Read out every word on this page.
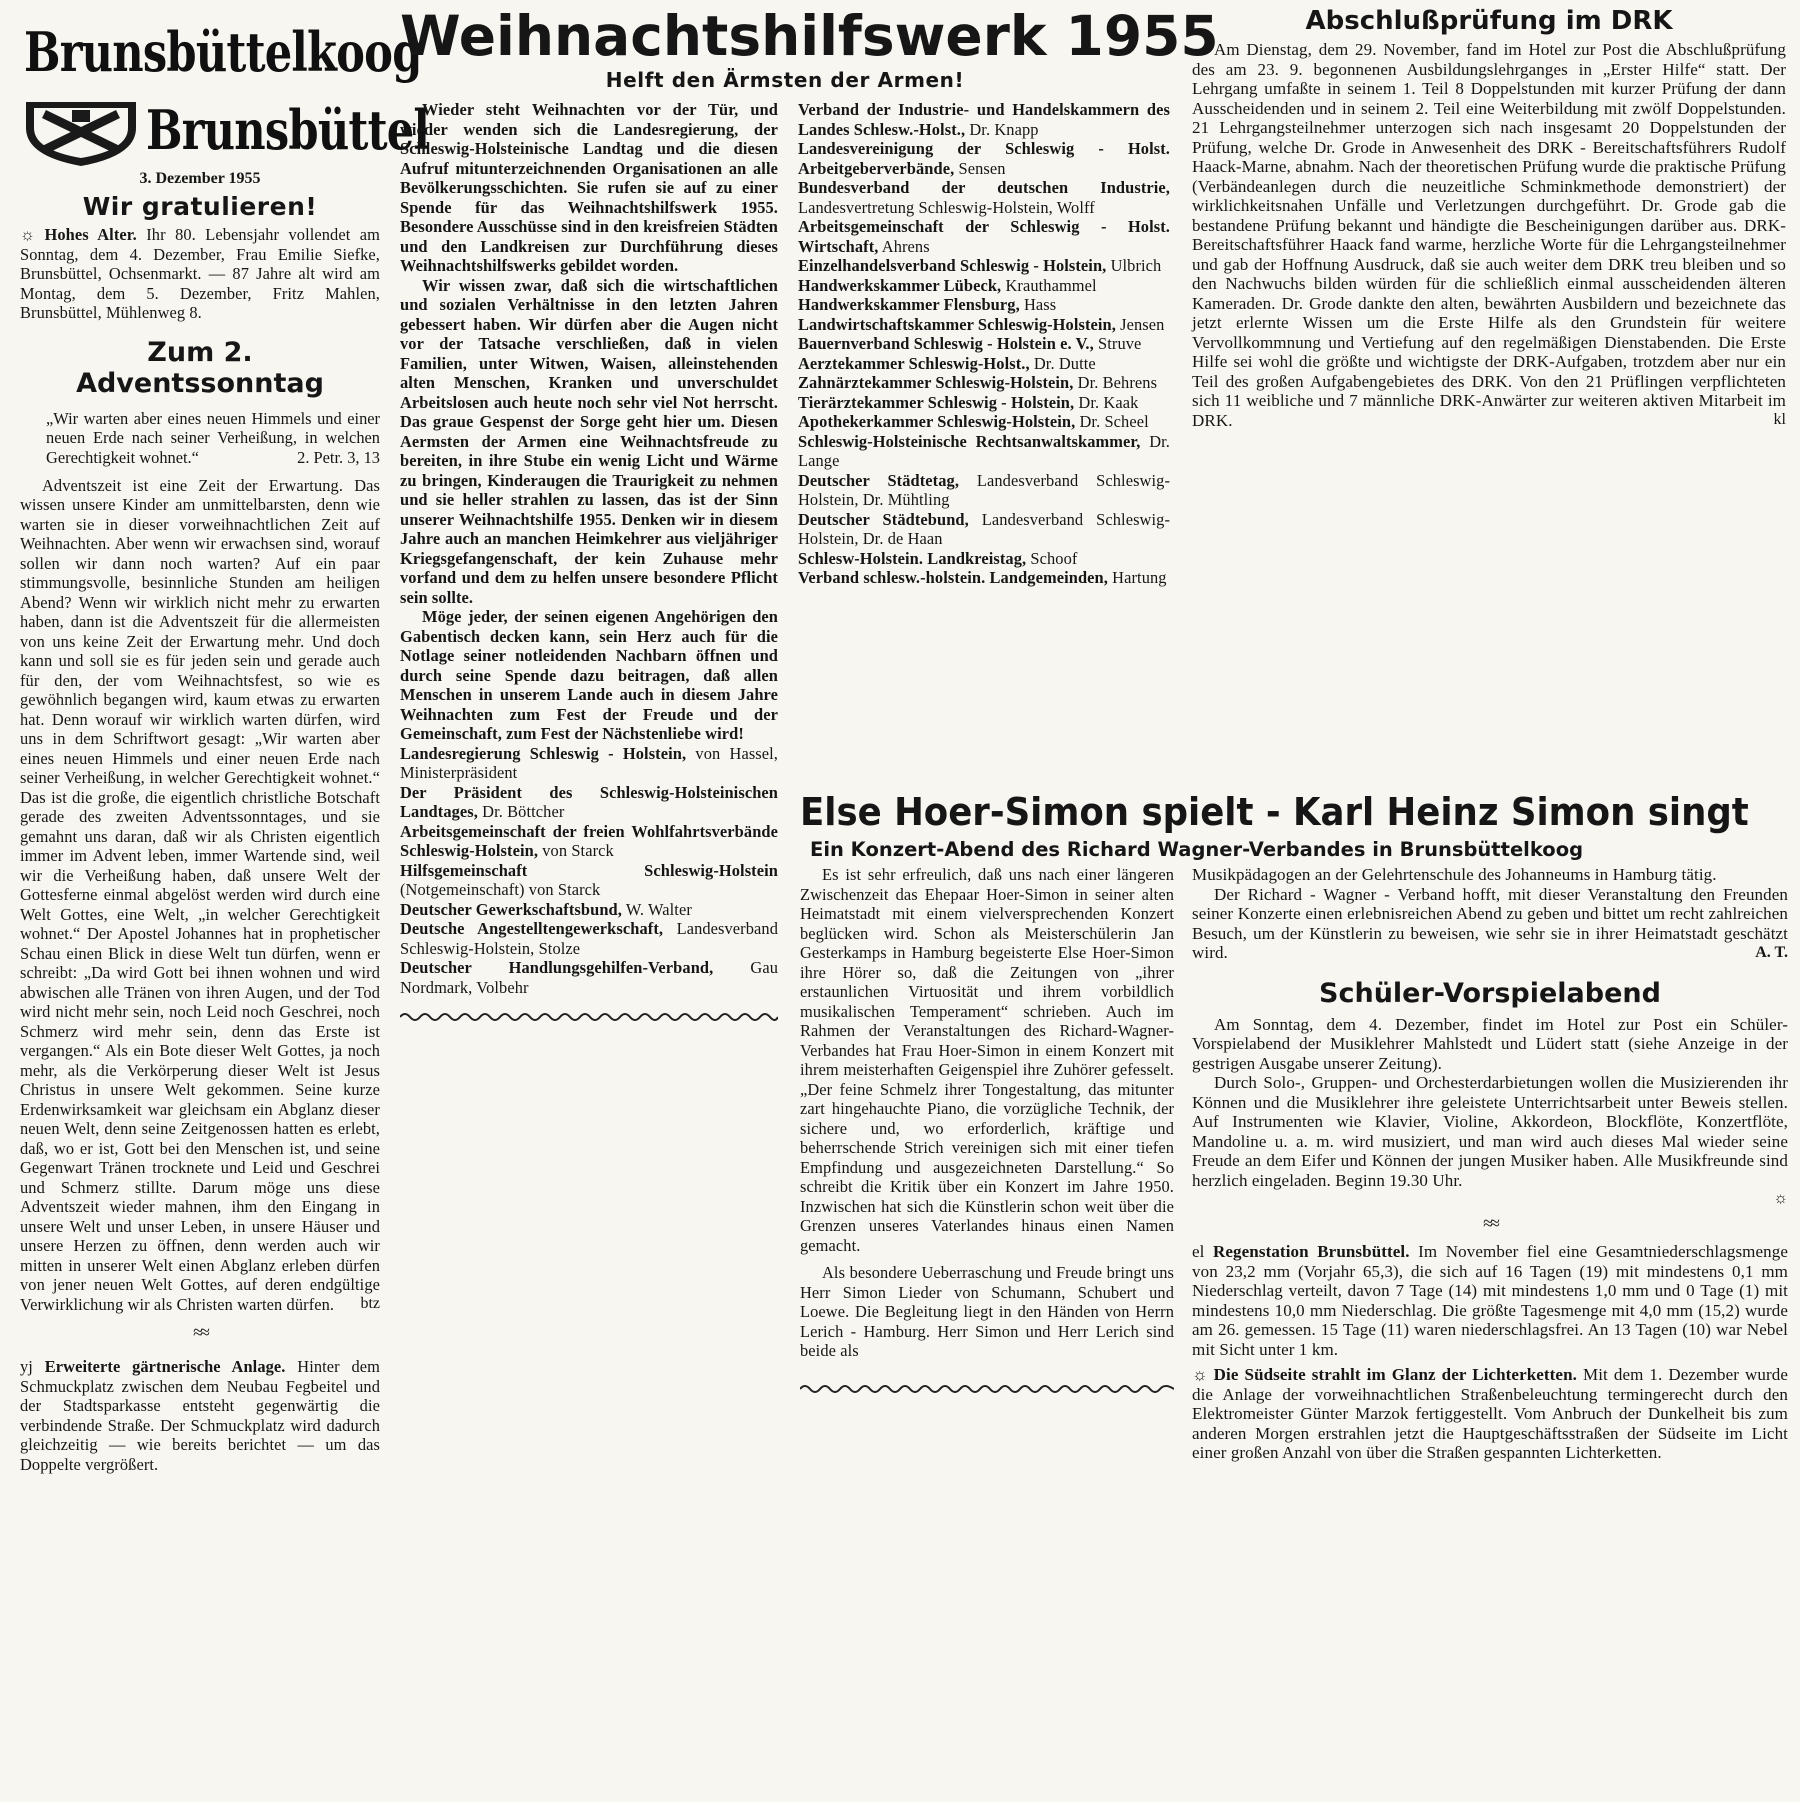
Brunsbüttelkoog
Brunsbüttel
3. Dezember 1955
Wir gratulieren!

☼ Hohes Alter. Ihr 80. Lebensjahr vollendet am Sonntag, dem 4. Dezember, Frau Emilie Siefke, Brunsbüttel, Ochsenmarkt. — 87 Jahre alt wird am Montag, dem 5. Dezember, Fritz Mahlen, Brunsbüttel, Mühlenweg 8.

Zum 2. Adventssonntag
„Wir warten aber eines neuen Himmels und einer neuen Erde nach seiner Verheißung, in welchen Gerechtigkeit wohnet.“	2. Petr. 3, 13

Adventszeit ist eine Zeit der Erwartung. Das wissen unsere Kinder am unmittelbarsten, denn wie warten sie in dieser vorweihnachtlichen Zeit auf Weihnachten. Aber wenn wir erwachsen sind, worauf sollen wir dann noch warten? Auf ein paar stimmungsvolle, besinnliche Stunden am heiligen Abend? Wenn wir wirklich nicht mehr zu erwarten haben, dann ist die Adventszeit für die allermeisten von uns keine Zeit der Erwartung mehr. Und doch kann und soll sie es für jeden sein und gerade auch für den, der vom Weihnachtsfest, so wie es gewöhnlich begangen wird, kaum etwas zu erwarten hat. Denn worauf wir wirklich warten dürfen, wird uns in dem Schriftwort gesagt: „Wir warten aber eines neuen Himmels und einer neuen Erde nach seiner Verheißung, in welcher Gerechtigkeit wohnet.“ Das ist die große, die eigentlich christliche Botschaft gerade des zweiten Adventssonntages, und sie gemahnt uns daran, daß wir als Christen eigentlich immer im Advent leben, immer Wartende sind, weil wir die Verheißung haben, daß unsere Welt der Gottesferne einmal abgelöst werden wird durch eine Welt Gottes, eine Welt, „in welcher Gerechtigkeit wohnet.“ Der Apostel Johannes hat in prophetischer Schau einen Blick in diese Welt tun dürfen, wenn er schreibt: „Da wird Gott bei ihnen wohnen und wird abwischen alle Tränen von ihren Augen, und der Tod wird nicht mehr sein, noch Leid noch Geschrei, noch Schmerz wird mehr sein, denn das Erste ist vergangen.“ Als ein Bote dieser Welt Gottes, ja noch mehr, als die Verkörperung dieser Welt ist Jesus Christus in unsere Welt gekommen. Seine kurze Erdenwirksamkeit war gleichsam ein Abglanz dieser neuen Welt, denn seine Zeitgenossen hatten es erlebt, daß, wo er ist, Gott bei den Menschen ist, und seine Gegenwart Tränen trocknete und Leid und Geschrei und Schmerz stillte. Darum möge uns diese Adventszeit wieder mahnen, ihm den Eingang in unsere Welt und unser Leben, in unsere Häuser und unsere Herzen zu öffnen, denn werden auch wir mitten in unserer Welt einen Abglanz erleben dürfen von jener neuen Welt Gottes, auf deren endgültige Verwirklichung wir als Christen warten dürfen.	btz
≈≈

yj Erweiterte gärtnerische Anlage. Hinter dem Schmuckplatz zwischen dem Neubau Fegbeitel und der Stadtsparkasse entsteht gegenwärtig die verbindende Straße. Der Schmuckplatz wird dadurch gleichzeitig — wie bereits berichtet — um das Doppelte vergrößert.

Weihnachtshilfswerk 1955
Helft den Ärmsten der Armen!

Wieder steht Weihnachten vor der Tür, und wieder wenden sich die Landesregierung, der Schleswig-Holsteinische Landtag und die diesen Aufruf mitunterzeichnenden Organisationen an alle Bevölkerungsschichten. Sie rufen sie auf zu einer Spende für das Weihnachtshilfswerk 1955. Besondere Ausschüsse sind in den kreisfreien Städten und den Landkreisen zur Durchführung dieses Weihnachtshilfswerks gebildet worden.

Wir wissen zwar, daß sich die wirtschaftlichen und sozialen Verhältnisse in den letzten Jahren gebessert haben. Wir dürfen aber die Augen nicht vor der Tatsache verschließen, daß in vielen Familien, unter Witwen, Waisen, alleinstehenden alten Menschen, Kranken und unverschuldet Arbeitslosen auch heute noch sehr viel Not herrscht. Das graue Gespenst der Sorge geht hier um. Diesen Aermsten der Armen eine Weihnachtsfreude zu bereiten, in ihre Stube ein wenig Licht und Wärme zu bringen, Kinderaugen die Traurigkeit zu nehmen und sie heller strahlen zu lassen, das ist der Sinn unserer Weihnachtshilfe 1955. Denken wir in diesem Jahre auch an manchen Heimkehrer aus vieljähriger Kriegsgefangenschaft, der kein Zuhause mehr vorfand und dem zu helfen unsere besondere Pflicht sein sollte.

Möge jeder, der seinen eigenen Angehörigen den Gabentisch decken kann, sein Herz auch für die Notlage seiner notleidenden Nachbarn öffnen und durch seine Spende dazu beitragen, daß allen Menschen in unserem Lande auch in diesem Jahre Weihnachten zum Fest der Freude und der Gemeinschaft, zum Fest der Nächstenliebe wird!

Landesregierung Schleswig - Holstein, von Hassel, Ministerpräsident

Der Präsident des Schleswig-Holsteinischen Landtages, Dr. Böttcher

Arbeitsgemeinschaft der freien Wohlfahrtsverbände Schleswig-Holstein, von Starck

Hilfsgemeinschaft Schleswig-Holstein (Notgemeinschaft) von Starck

Deutscher Gewerkschaftsbund, W. Walter

Deutsche Angestelltengewerkschaft, Landesverband Schleswig-Holstein, Stolze

Deutscher Handlungsgehilfen-Verband, Gau Nordmark, Volbehr

Verband der Industrie- und Handelskammern des Landes Schlesw.-Holst., Dr. Knapp

Landesvereinigung der Schleswig - Holst. Arbeitgeberverbände, Sensen

Bundesverband der deutschen Industrie, Landesvertretung Schleswig-Holstein, Wolff

Arbeitsgemeinschaft der Schleswig - Holst. Wirtschaft, Ahrens

Einzelhandelsverband Schleswig - Holstein, Ulbrich

Handwerkskammer Lübeck, Krauthammel

Handwerkskammer Flensburg, Hass

Landwirtschaftskammer Schleswig-Holstein, Jensen

Bauernverband Schleswig - Holstein e. V., Struve

Aerztekammer Schleswig-Holst., Dr. Dutte

Zahnärztekammer Schleswig-Holstein, Dr. Behrens

Tierärztekammer Schleswig - Holstein, Dr. Kaak

Apothekerkammer Schleswig-Holstein, Dr. Scheel

Schleswig-Holsteinische Rechtsanwaltskammer, Dr. Lange

Deutscher Städtetag, Landesverband Schleswig-Holstein, Dr. Mühtling

Deutscher Städtebund, Landesverband Schleswig-Holstein, Dr. de Haan

Schlesw-Holstein. Landkreistag, Schoof

Verband schlesw.-holstein. Landgemeinden, Hartung

Abschlußprüfung im DRK

Am Dienstag, dem 29. November, fand im Hotel zur Post die Abschlußprüfung des am 23. 9. begonnenen Ausbildungslehrganges in „Erster Hilfe“ statt. Der Lehrgang umfaßte in seinem 1. Teil 8 Doppelstunden mit kurzer Prüfung der dann Ausscheidenden und in seinem 2. Teil eine Weiterbildung mit zwölf Doppelstunden. 21 Lehrgangsteilnehmer unterzogen sich nach insgesamt 20 Doppelstunden der Prüfung, welche Dr. Grode in Anwesenheit des DRK - Bereitschaftsführers Rudolf Haack-Marne, abnahm. Nach der theoretischen Prüfung wurde die praktische Prüfung (Verbändeanlegen durch die neuzeitliche Schminkmethode demonstriert) der wirklichkeitsnahen Unfälle und Verletzungen durchgeführt. Dr. Grode gab die bestandene Prüfung bekannt und händigte die Bescheinigungen darüber aus. DRK-Bereitschaftsführer Haack fand warme, herzliche Worte für die Lehrgangsteilnehmer und gab der Hoffnung Ausdruck, daß sie auch weiter dem DRK treu bleiben und so den Nachwuchs bilden würden für die schließlich einmal ausscheidenden älteren Kameraden. Dr. Grode dankte den alten, bewährten Ausbildern und bezeichnete das jetzt erlernte Wissen um die Erste Hilfe als den Grundstein für weitere Vervollkommnung und Vertiefung auf den regelmäßigen Dienstabenden. Die Erste Hilfe sei wohl die größte und wichtigste der DRK-Aufgaben, trotzdem aber nur ein Teil des großen Aufgabengebietes des DRK. Von den 21 Prüflingen verpflichteten sich 11 weibliche und 7 männliche DRK-Anwärter zur weiteren aktiven Mitarbeit im DRK.	kl
Else Hoer-Simon spielt - Karl Heinz Simon singt
Ein Konzert-Abend des Richard Wagner-Verbandes in Brunsbüttelkoog

Es ist sehr erfreulich, daß uns nach einer längeren Zwischenzeit das Ehepaar Hoer-Simon in seiner alten Heimatstadt mit einem vielversprechenden Konzert beglücken wird. Schon als Meisterschülerin Jan Gesterkamps in Hamburg begeisterte Else Hoer-Simon ihre Hörer so, daß die Zeitungen von „ihrer erstaunlichen Virtuosität und ihrem vorbildlich musikalischen Temperament“ schrieben. Auch im Rahmen der Veranstaltungen des Richard-Wagner-Verbandes hat Frau Hoer-Simon in einem Konzert mit ihrem meisterhaften Geigenspiel ihre Zuhörer gefesselt. „Der feine Schmelz ihrer Tongestaltung, das mitunter zart hingehauchte Piano, die vorzügliche Technik, der sichere und, wo erforderlich, kräftige und beherrschende Strich vereinigen sich mit einer tiefen Empfindung und ausgezeichneten Darstellung.“ So schreibt die Kritik über ein Konzert im Jahre 1950. Inzwischen hat sich die Künstlerin schon weit über die Grenzen unseres Vaterlandes hinaus einen Namen gemacht.

Als besondere Ueberraschung und Freude bringt uns Herr Simon Lieder von Schumann, Schubert und Loewe. Die Begleitung liegt in den Händen von Herrn Lerich - Hamburg. Herr Simon und Herr Lerich sind beide als

Musikpädagogen an der Gelehrtenschule des Johanneums in Hamburg tätig.

Der Richard - Wagner - Verband hofft, mit dieser Veranstaltung den Freunden seiner Konzerte einen erlebnisreichen Abend zu geben und bittet um recht zahlreichen Besuch, um der Künstlerin zu beweisen, wie sehr sie in ihrer Heimatstadt geschätzt wird.	A. T.
Schüler-Vorspielabend

Am Sonntag, dem 4. Dezember, findet im Hotel zur Post ein Schüler-Vorspielabend der Musiklehrer Mahlstedt und Lüdert statt (siehe Anzeige in der gestrigen Ausgabe unserer Zeitung).

Durch Solo-, Gruppen- und Orchesterdarbietungen wollen die Musizierenden ihr Können und die Musiklehrer ihre geleistete Unterrichtsarbeit unter Beweis stellen. Auf Instrumenten wie Klavier, Violine, Akkordeon, Blockflöte, Konzertflöte, Mandoline u. a. m. wird musiziert, und man wird auch dieses Mal wieder seine Freude an dem Eifer und Können der jungen Musiker haben. Alle Musikfreunde sind herzlich eingeladen. Beginn 19.30 Uhr.

☼
≈≈

el Regenstation Brunsbüttel. Im November fiel eine Gesamtniederschlagsmenge von 23,2 mm (Vorjahr 65,3), die sich auf 16 Tagen (19) mit mindestens 0,1 mm Niederschlag verteilt, davon 7 Tage (14) mit mindestens 1,0 mm und 0 Tage (1) mit mindestens 10,0 mm Niederschlag. Die größte Tagesmenge mit 4,0 mm (15,2) wurde am 26. gemessen. 15 Tage (11) waren niederschlagsfrei. An 13 Tagen (10) war Nebel mit Sicht unter 1 km.

☼ Die Südseite strahlt im Glanz der Lichterketten. Mit dem 1. Dezember wurde die Anlage der vorweihnachtlichen Straßenbeleuchtung termingerecht durch den Elektromeister Günter Marzok fertiggestellt. Vom Anbruch der Dunkelheit bis zum anderen Morgen erstrahlen jetzt die Hauptgeschäftsstraßen der Südseite im Licht einer großen Anzahl von über die Straßen gespannten Lichterketten.
